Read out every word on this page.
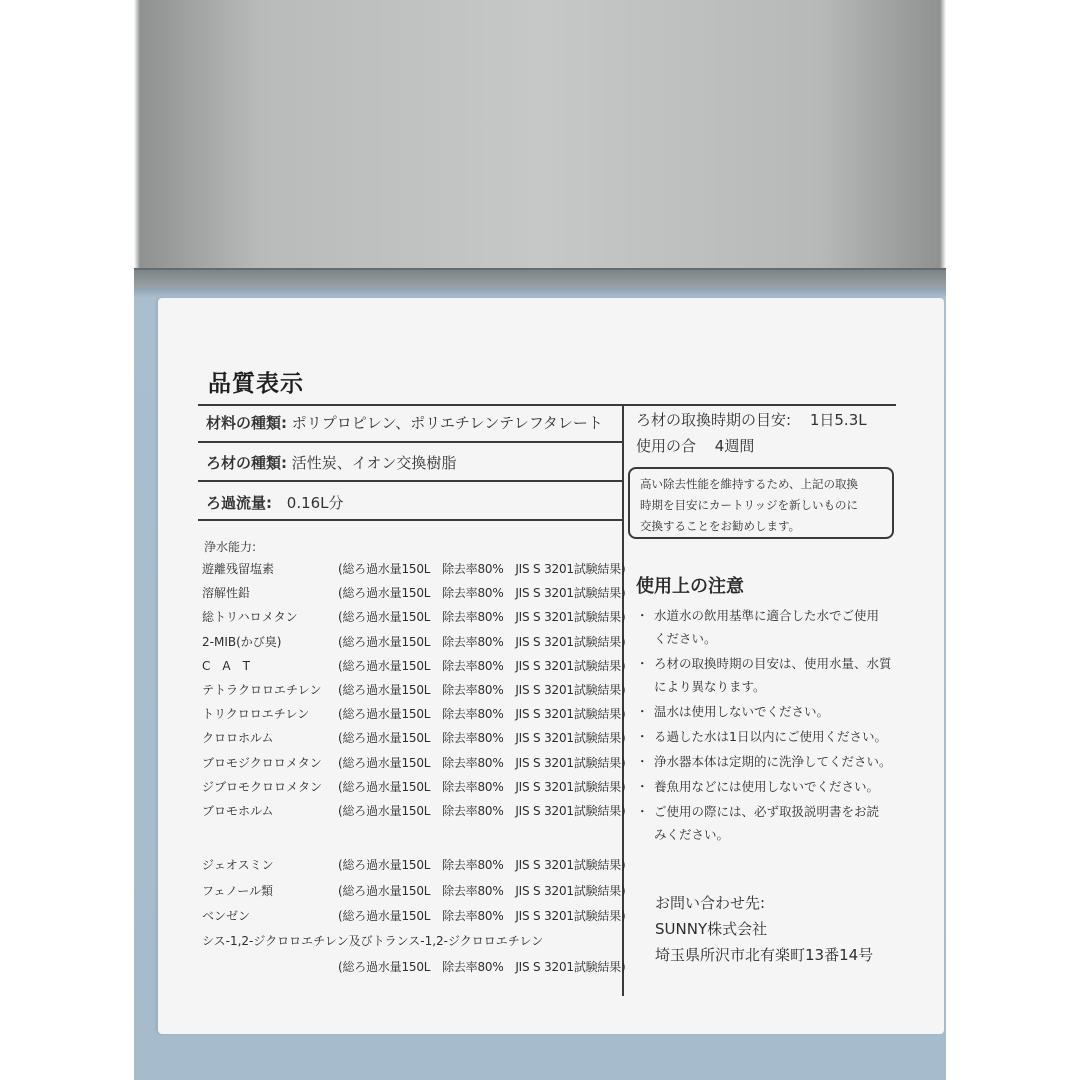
品質表示
材料の種類: ポリプロピレン、ポリエチレンテレフタレート
ろ材の種類: 活性炭、イオン交換樹脂
ろ過流量: 0.16L分
浄水能力:
遊離残留塩素	(総ろ過水量150L　除去率80%　JIS S 3201試験結果)
溶解性鉛	(総ろ過水量150L　除去率80%　JIS S 3201試験結果)
総トリハロメタン	(総ろ過水量150L　除去率80%　JIS S 3201試験結果)
2-MIB(かび臭)	(総ろ過水量150L　除去率80%　JIS S 3201試験結果)
C　A　T	(総ろ過水量150L　除去率80%　JIS S 3201試験結果)
テトラクロロエチレン (総ろ過水量150L　除去率80%　JIS S 3201試験結果)
トリクロロエチレン (総ろ過水量150L　除去率80%　JIS S 3201試験結果)
クロロホルム	(総ろ過水量150L　除去率80%　JIS S 3201試験結果)
ブロモジクロロメタン (総ろ過水量150L　除去率80%　JIS S 3201試験結果)
ジブロモクロロメタン (総ろ過水量150L　除去率80%　JIS S 3201試験結果)
ブロモホルム	(総ろ過水量150L　除去率80%　JIS S 3201試験結果)
ジェオスミン	(総ろ過水量150L　除去率80%　JIS S 3201試験結果)
フェノール類	(総ろ過水量150L　除去率80%　JIS S 3201試験結果)
ベンゼン	(総ろ過水量150L　除去率80%　JIS S 3201試験結果)
シス-1,2-ジクロロエチレン及びトランス-1,2-ジクロロエチレン
(総ろ過水量150L　除去率80%　JIS S 3201試験結果)
ろ材の取換時期の目安: 1日5.3L
使用の合 4週間
高い除去性能を維持するため、上記の取換
時期を目安にカートリッジを新しいものに
交換することをお勧めします。
使用上の注意
・ 水道水の飲用基準に適合した水でご使用
ください。
・ ろ材の取換時期の目安は、使用水量、水質
により異なります。
・ 温水は使用しないでください。
・ る過した水は1日以内にご使用ください。
・ 浄水器本体は定期的に洗浄してください。
・ 養魚用などには使用しないでください。
・ ご使用の際には、必ず取扱説明書をお読
みください。
お問い合わせ先:
SUNNY株式会社
埼玉県所沢市北有楽町13番14号
